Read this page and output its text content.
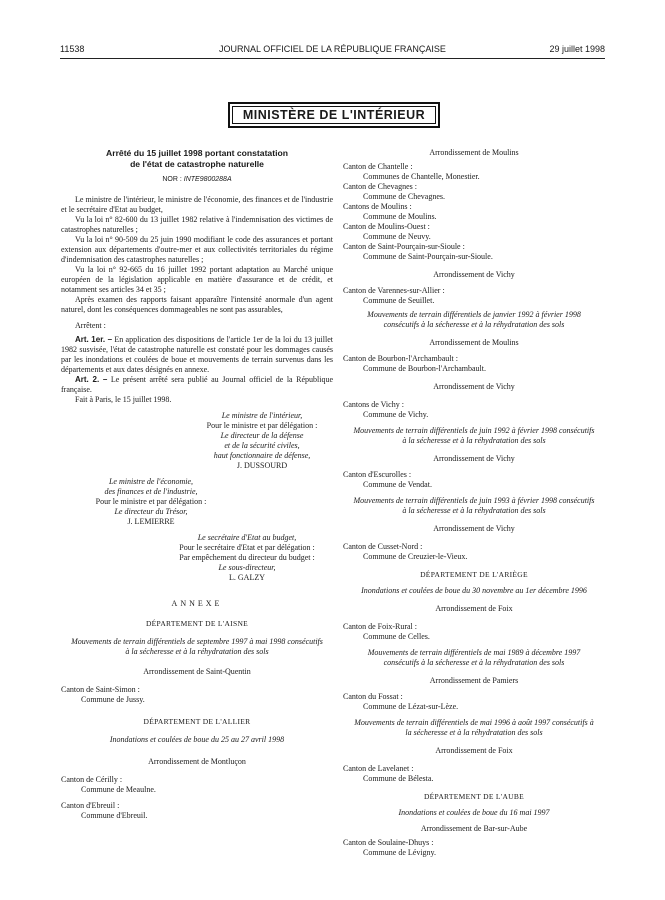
11538	JOURNAL OFFICIEL DE LA RÉPUBLIQUE FRANÇAISE	29 juillet 1998
MINISTÈRE DE L'INTÉRIEUR
Arrêté du 15 juillet 1998 portant constatation
de l'état de catastrophe naturelle
NOR : INTE9800288A
Le ministre de l'intérieur, le ministre de l'économie, des finances et de l'industrie et le secrétaire d'Etat au budget,
Vu la loi n° 82-600 du 13 juillet 1982 relative à l'indemnisation des victimes de catastrophes naturelles ;
Vu la loi n° 90-509 du 25 juin 1990 modifiant le code des assurances et portant extension aux départements d'outre-mer et aux collectivités territoriales du régime d'indemnisation des catastrophes naturelles ;
Vu la loi n° 92-665 du 16 juillet 1992 portant adaptation au Marché unique européen de la législation applicable en matière d'assurance et de crédit, et notamment ses articles 34 et 35 ;
Après examen des rapports faisant apparaître l'intensité anormale d'un agent naturel, dont les conséquences dommageables ne sont pas assurables,
Arrêtent :
Art. 1er. – En application des dispositions de l'article 1er de la loi du 13 juillet 1982 susvisée, l'état de catastrophe naturelle est constaté pour les dommages causés par les inondations et coulées de boue et mouvements de terrain survenus dans les départements et aux dates désignés en annexe.
Art. 2. – Le présent arrêté sera publié au Journal officiel de la République française.
Fait à Paris, le 15 juillet 1998.
Le ministre de l'intérieur,
Pour le ministre et par délégation :
Le directeur de la défense
et de la sécurité civiles,
haut fonctionnaire de défense,
J. DUSSOURD
Le ministre de l'économie,
des finances et de l'industrie,
Pour le ministre et par délégation :
Le directeur du Trésor,
J. LEMIERRE
Le secrétaire d'Etat au budget,
Pour le secrétaire d'Etat et par délégation :
Par empêchement du directeur du budget :
Le sous-directeur,
L. GALZY
ANNEXE
DÉPARTEMENT DE L'AISNE
Mouvements de terrain différentiels de septembre 1997 à mai 1998 consécutifs à la sécheresse et à la réhydratation des sols
Arrondissement de Saint-Quentin
Canton de Saint-Simon :
Commune de Jussy.
DÉPARTEMENT DE L'ALLIER
Inondations et coulées de boue du 25 au 27 avril 1998
Arrondissement de Montluçon
Canton de Cérilly :
Commune de Meaulne.
Canton d'Ebreuil :
Commune d'Ebreuil.
Arrondissement de Moulins
Canton de Chantelle :
Communes de Chantelle, Monestier.
Canton de Chevagnes :
Commune de Chevagnes.
Cantons de Moulins :
Commune de Moulins.
Canton de Moulins-Ouest :
Commune de Neuvy.
Canton de Saint-Pourçain-sur-Sioule :
Commune de Saint-Pourçain-sur-Sioule.
Arrondissement de Vichy
Canton de Varennes-sur-Allier :
Commune de Seuillet.
Mouvements de terrain différentiels de janvier 1992 à février 1998 consécutifs à la sécheresse et à la réhydratation des sols
Arrondissement de Moulins
Canton de Bourbon-l'Archambault :
Commune de Bourbon-l'Archambault.
Arrondissement de Vichy
Cantons de Vichy :
Commune de Vichy.
Mouvements de terrain différentiels de juin 1992 à février 1998 consécutifs à la sécheresse et à la réhydratation des sols
Arrondissement de Vichy
Canton d'Escurolles :
Commune de Vendat.
Mouvements de terrain différentiels de juin 1993 à février 1998 consécutifs à la sécheresse et à la réhydratation des sols
Arrondissement de Vichy
Canton de Cusset-Nord :
Commune de Creuzier-le-Vieux.
DÉPARTEMENT DE L'ARIÈGE
Inondations et coulées de boue du 30 novembre au 1er décembre 1996
Arrondissement de Foix
Canton de Foix-Rural :
Commune de Celles.
Mouvements de terrain différentiels de mai 1989 à décembre 1997 consécutifs à la sécheresse et à la réhydratation des sols
Arrondissement de Pamiers
Canton du Fossat :
Commune de Lézat-sur-Lèze.
Mouvements de terrain différentiels de mai 1996 à août 1997 consécutifs à la sécheresse et à la réhydratation des sols
Arrondissement de Foix
Canton de Lavelanet :
Commune de Bélesta.
DÉPARTEMENT DE L'AUBE
Inondations et coulées de boue du 16 mai 1997
Arrondissement de Bar-sur-Aube
Canton de Soulaine-Dhuys :
Commune de Lévigny.
